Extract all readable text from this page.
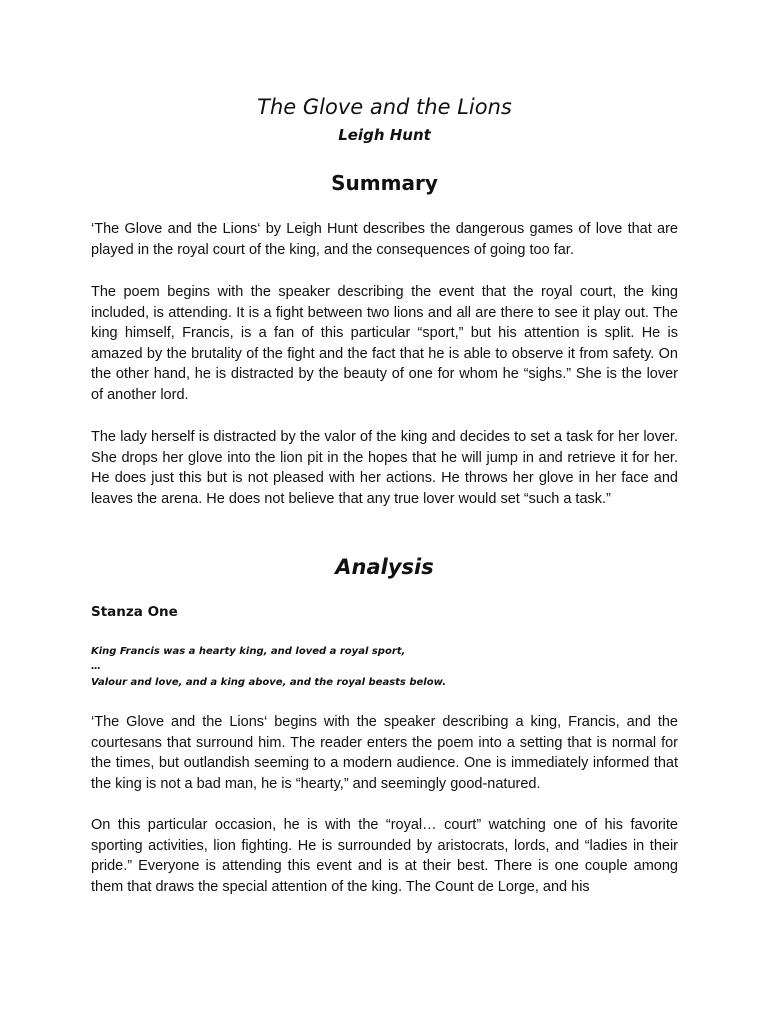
The Glove and the Lions
Leigh Hunt
Summary

‘The Glove and the Lions‘ by Leigh Hunt describes the dangerous games of love that are played in the royal court of the king, and the consequences of going too far.

The poem begins with the speaker describing the event that the royal court, the king included, is attending. It is a fight between two lions and all are there to see it play out. The king himself, Francis, is a fan of this particular “sport,” but his attention is split. He is amazed by the brutality of the fight and the fact that he is able to observe it from safety. On the other hand, he is distracted by the beauty of one for whom he “sighs.” She is the lover of another lord.

The lady herself is distracted by the valor of the king and decides to set a task for her lover. She drops her glove into the lion pit in the hopes that he will jump in and retrieve it for her. He does just this but is not pleased with her actions. He throws her glove in her face and leaves the arena. He does not believe that any true lover would set “such a task.”

Analysis
Stanza One

King Francis was a hearty king, and loved a royal sport,

…

Valour and love, and a king above, and the royal beasts below.

‘The Glove and the Lions‘ begins with the speaker describing a king, Francis, and the courtesans that surround him. The reader enters the poem into a setting that is normal for the times, but outlandish seeming to a modern audience. One is immediately informed that the king is not a bad man, he is “hearty,” and seemingly good-natured.

On this particular occasion, he is with the “royal… court” watching one of his favorite sporting activities, lion fighting. He is surrounded by aristocrats, lords, and “ladies in their pride.” Everyone is attending this event and is at their best. There is one couple among them that draws the special attention of the king. The Count de Lorge, and his
